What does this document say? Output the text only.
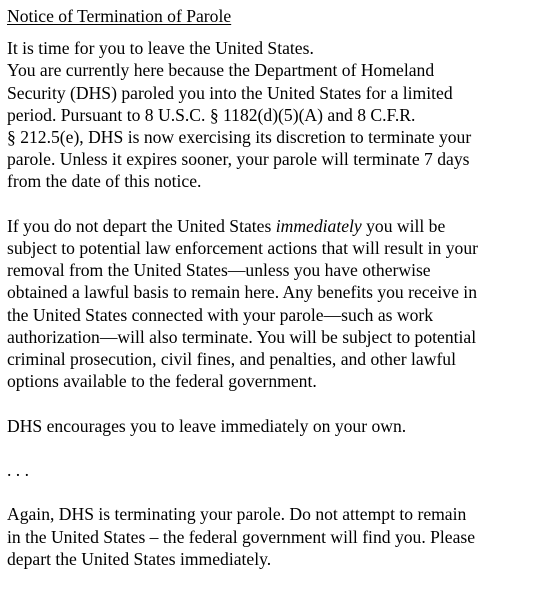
Notice of Termination of Parole
It is time for you to leave the United States.
You are currently here because the Department of Homeland
Security (DHS) paroled you into the United States for a limited
period. Pursuant to 8 U.S.C. § 1182(d)(5)(A) and 8 C.F.R.
§ 212.5(e), DHS is now exercising its discretion to terminate your
parole. Unless it expires sooner, your parole will terminate 7 days
from the date of this notice.
If you do not depart the United States immediately you will be
subject to potential law enforcement actions that will result in your
removal from the United States—unless you have otherwise
obtained a lawful basis to remain here. Any benefits you receive in
the United States connected with your parole—such as work
authorization—will also terminate. You will be subject to potential
criminal prosecution, civil fines, and penalties, and other lawful
options available to the federal government.
DHS encourages you to leave immediately on your own.
. . .
Again, DHS is terminating your parole. Do not attempt to remain
in the United States – the federal government will find you. Please
depart the United States immediately.
